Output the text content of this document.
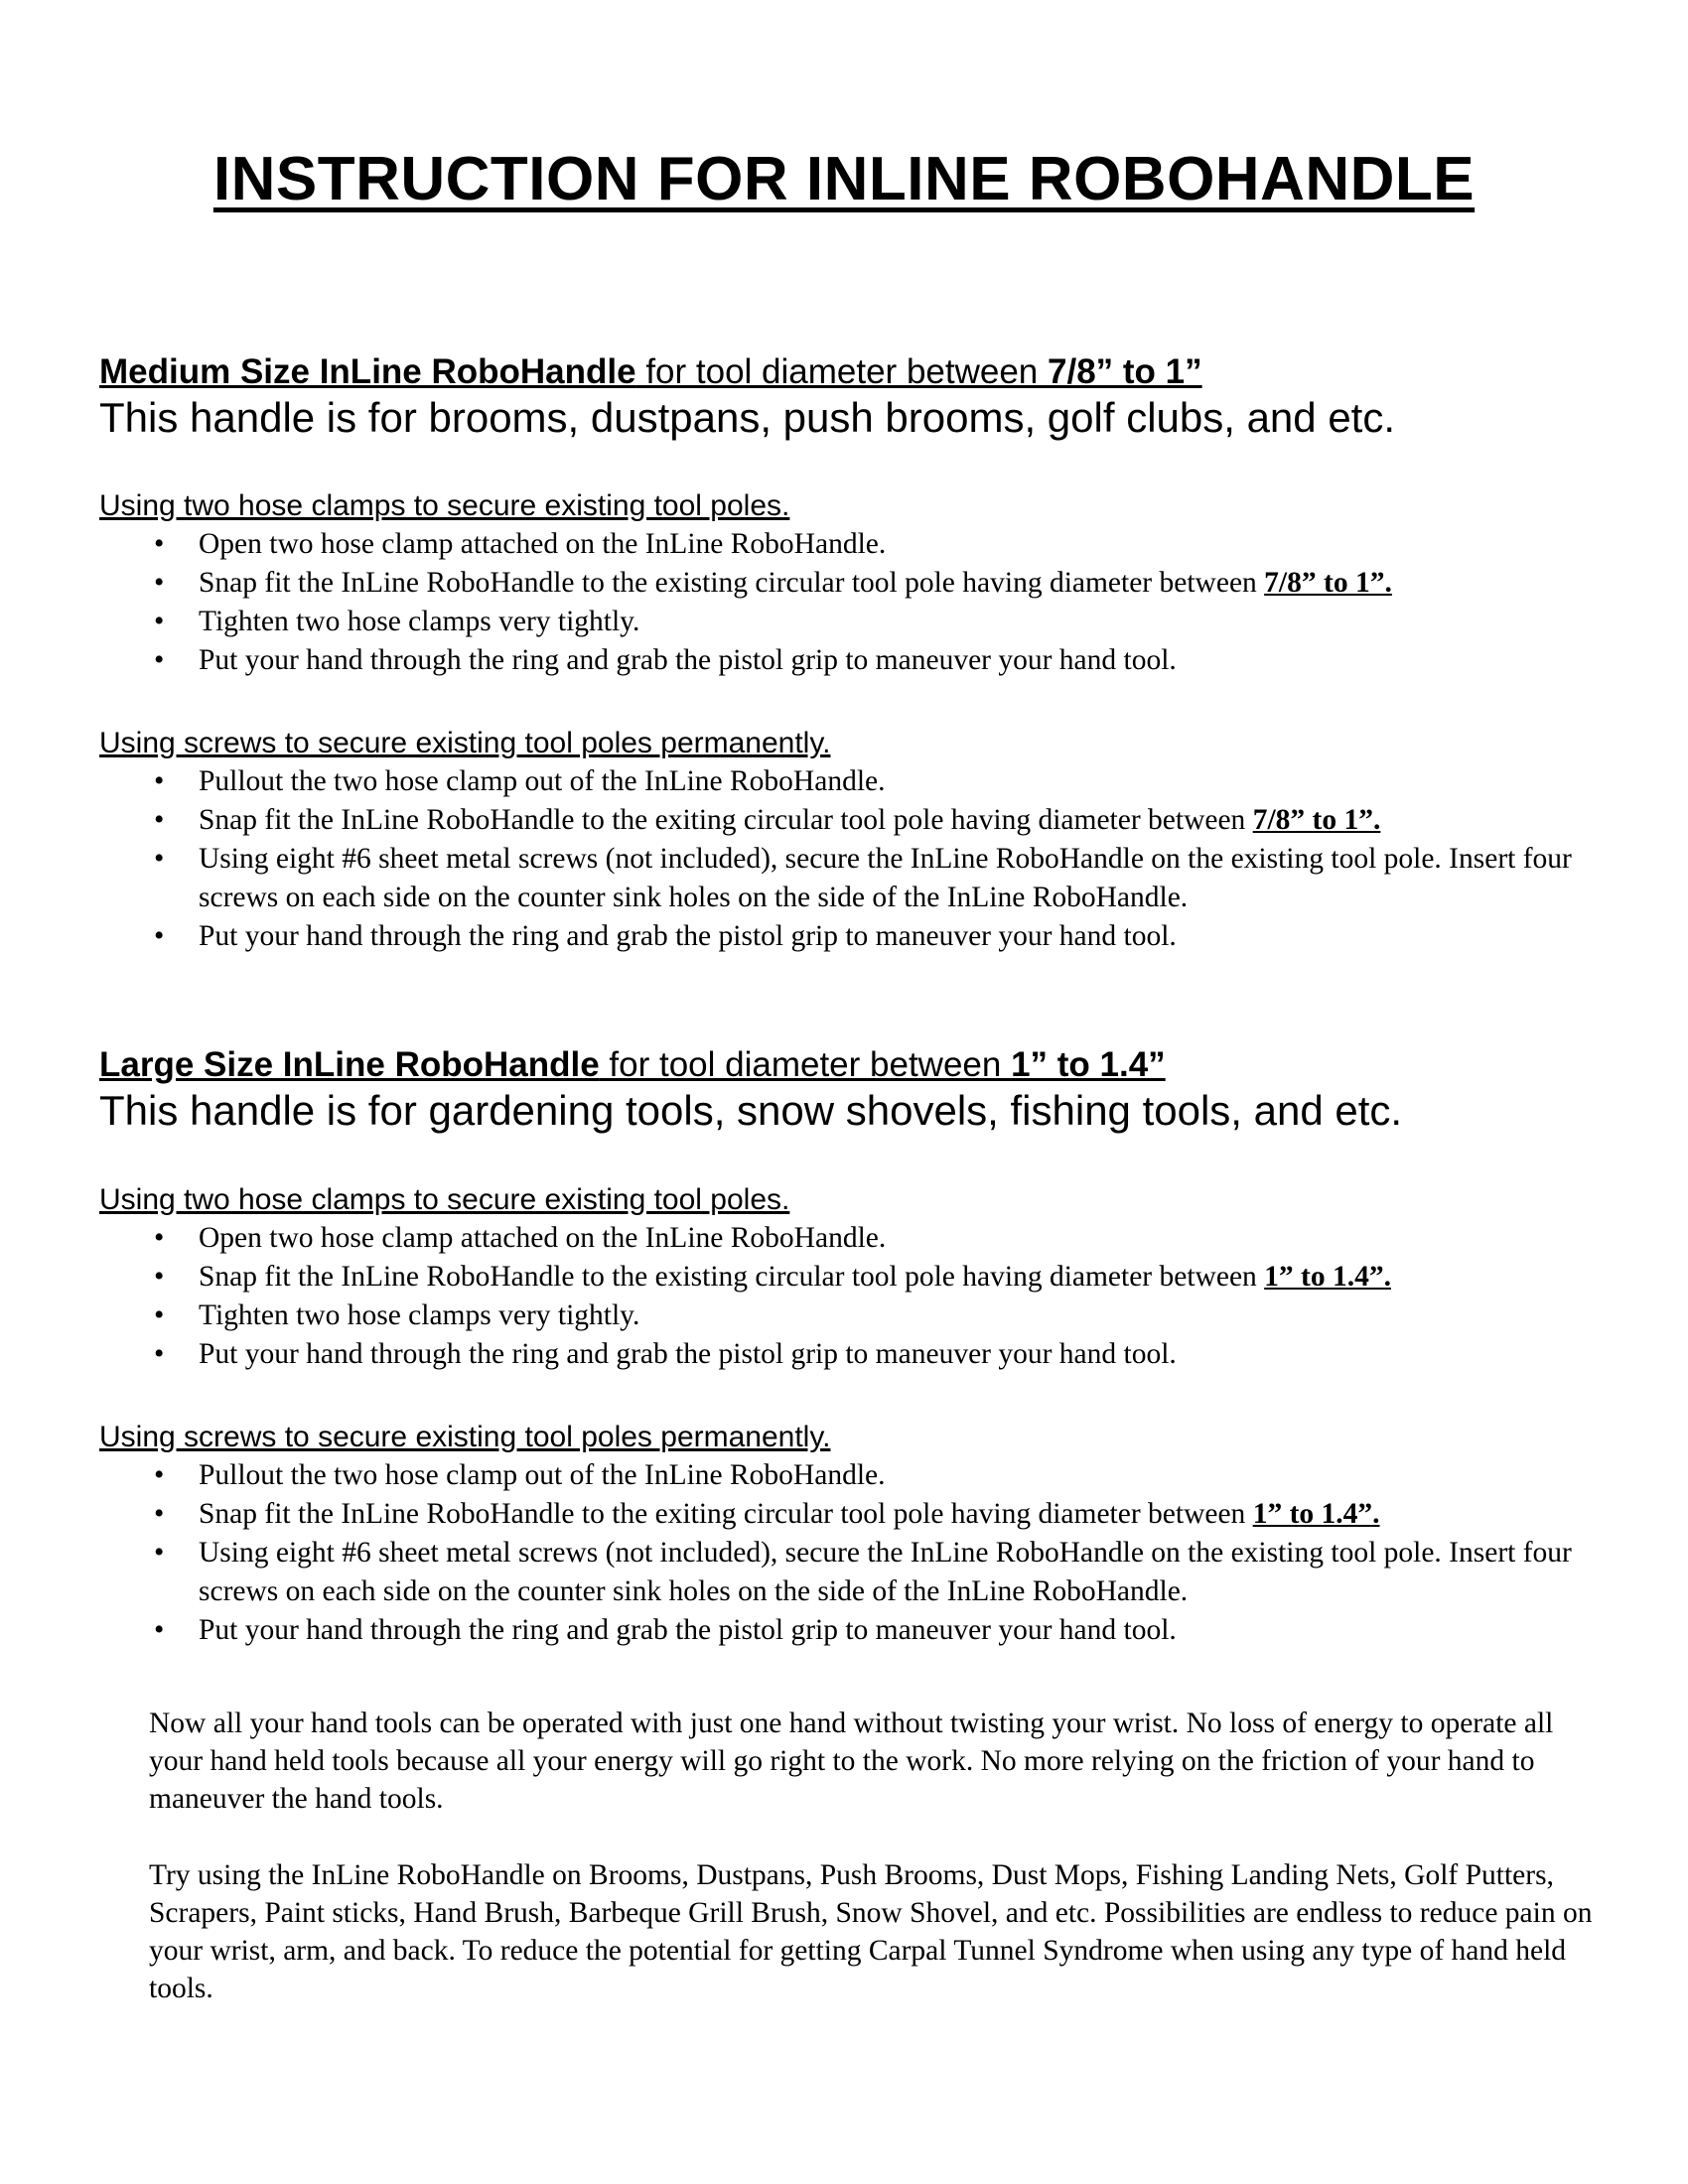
INSTRUCTION FOR INLINE ROBOHANDLE

Medium Size InLine RoboHandle for tool diameter between 7/8” to 1”

This handle is for brooms, dustpans, push brooms, golf clubs, and etc.

Using two hose clamps to secure existing tool poles.

• Open two hose clamp attached on the InLine RoboHandle.
• Snap fit the InLine RoboHandle to the existing circular tool pole having diameter between 7/8” to 1”.
• Tighten two hose clamps very tightly.
• Put your hand through the ring and grab the pistol grip to maneuver your hand tool.

Using screws to secure existing tool poles permanently.

• Pullout the two hose clamp out of the InLine RoboHandle.
• Snap fit the InLine RoboHandle to the exiting circular tool pole having diameter between 7/8” to 1”.
• Using eight #6 sheet metal screws (not included), secure the InLine RoboHandle on the existing tool pole. Insert four screws on each side on the counter sink holes on the side of the InLine RoboHandle.
• Put your hand through the ring and grab the pistol grip to maneuver your hand tool.

Large Size InLine RoboHandle for tool diameter between 1” to 1.4”

This handle is for gardening tools, snow shovels, fishing tools, and etc.

Using two hose clamps to secure existing tool poles.

• Open two hose clamp attached on the InLine RoboHandle.
• Snap fit the InLine RoboHandle to the existing circular tool pole having diameter between 1” to 1.4”.
• Tighten two hose clamps very tightly.
• Put your hand through the ring and grab the pistol grip to maneuver your hand tool.

Using screws to secure existing tool poles permanently.

• Pullout the two hose clamp out of the InLine RoboHandle.
• Snap fit the InLine RoboHandle to the exiting circular tool pole having diameter between 1” to 1.4”.
• Using eight #6 sheet metal screws (not included), secure the InLine RoboHandle on the existing tool pole. Insert four screws on each side on the counter sink holes on the side of the InLine RoboHandle.
• Put your hand through the ring and grab the pistol grip to maneuver your hand tool.

Now all your hand tools can be operated with just one hand without twisting your wrist. No loss of energy to operate all your hand held tools because all your energy will go right to the work. No more relying on the friction of your hand to maneuver the hand tools.

Try using the InLine RoboHandle on Brooms, Dustpans, Push Brooms, Dust Mops, Fishing Landing Nets, Golf Putters, Scrapers, Paint sticks, Hand Brush, Barbeque Grill Brush, Snow Shovel, and etc. Possibilities are endless to reduce pain on your wrist, arm, and back. To reduce the potential for getting Carpal Tunnel Syndrome when using any type of hand held tools.
